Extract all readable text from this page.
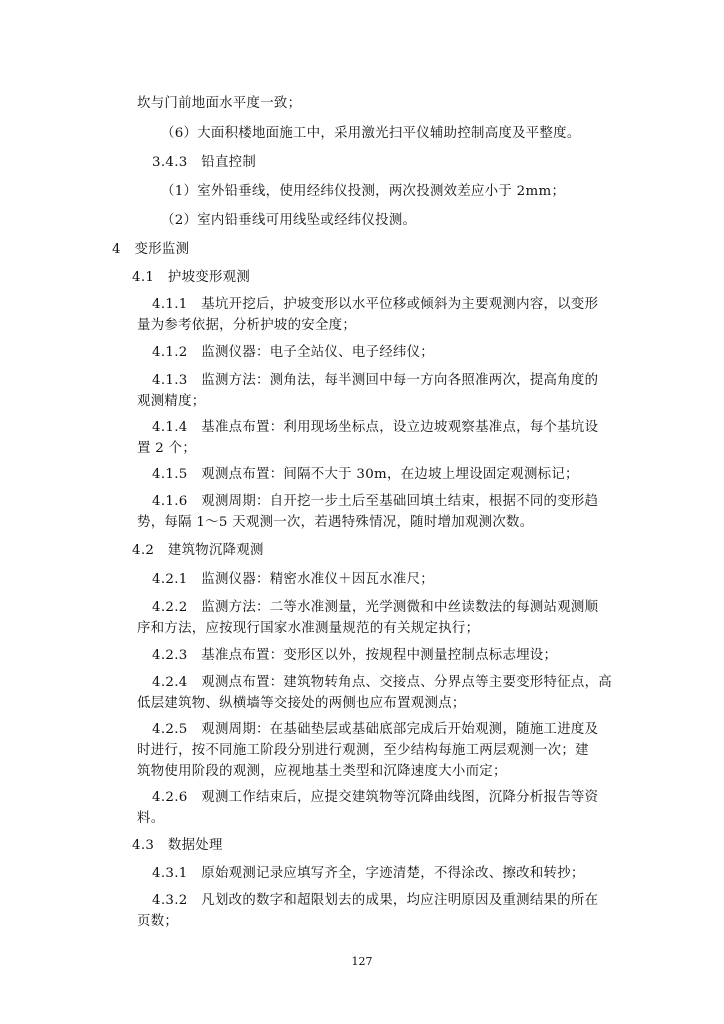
坎与门前地面水平度一致；

（6）大面积楼地面施工中，采用激光扫平仪辅助控制高度及平整度。

3.4.3　铅直控制

（1）室外铅垂线，使用经纬仪投测，两次投测效差应小于 2mm；

（2）室内铅垂线可用线坠或经纬仪投测。

4　变形监测

4.1　护坡变形观测

4.1.1　基坑开挖后，护坡变形以水平位移或倾斜为主要观测内容，以变形

量为参考依据，分析护坡的安全度；

4.1.2　监测仪器：电子全站仪、电子经纬仪；

4.1.3　监测方法：测角法，每半测回中每一方向各照准两次，提高角度的

观测精度；

4.1.4　基准点布置：利用现场坐标点，设立边坡观察基准点，每个基坑设

置 2 个；

4.1.5　观测点布置：间隔不大于 30m，在边坡上埋设固定观测标记；

4.1.6　观测周期：自开挖一步土后至基础回填土结束，根据不同的变形趋

势，每隔 1～5 天观测一次，若遇特殊情况，随时增加观测次数。

4.2　建筑物沉降观测

4.2.1　监测仪器：精密水准仪＋因瓦水准尺；

4.2.2　监测方法：二等水准测量，光学测微和中丝读数法的每测站观测顺

序和方法，应按现行国家水准测量规范的有关规定执行；

4.2.3　基准点布置：变形区以外，按规程中测量控制点标志埋设；

4.2.4　观测点布置：建筑物转角点、交接点、分界点等主要变形特征点，高

低层建筑物、纵横墙等交接处的两侧也应布置观测点；

4.2.5　观测周期：在基础垫层或基础底部完成后开始观测，随施工进度及

时进行，按不同施工阶段分别进行观测，至少结构每施工两层观测一次；建

筑物使用阶段的观测，应视地基土类型和沉降速度大小而定；

4.2.6　观测工作结束后，应提交建筑物等沉降曲线图，沉降分析报告等资

料。

4.3　数据处理

4.3.1　原始观测记录应填写齐全，字迹清楚，不得涂改、擦改和转抄；

4.3.2　凡划改的数字和超限划去的成果，均应注明原因及重测结果的所在

页数；

127
